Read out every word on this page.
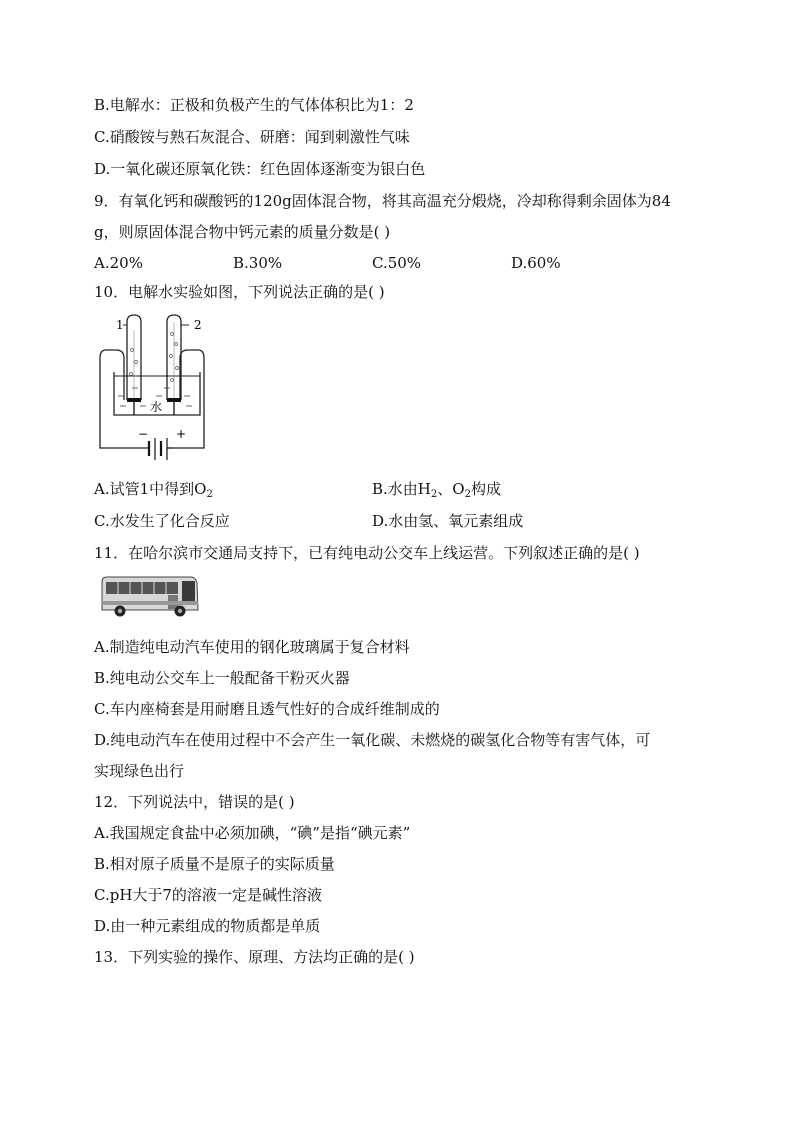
B.电解水：正极和负极产生的气体体积比为1：2
C.硝酸铵与熟石灰混合、研磨：闻到刺激性气味
D.一氧化碳还原氧化铁：红色固体逐渐变为银白色
9．有氧化钙和碳酸钙的120g固体混合物，将其高温充分煅烧，冷却称得剩余固体为84
g，则原固体混合物中钙元素的质量分数是( )
A.20%	B.30%	C.50%	D.60%
10．电解水实验如图，下列说法正确的是( )
1	2
水
− +
A.试管1中得到$O_2$	B.水由$H_2$、$O_2$构成
C.水发生了化合反应	D.水由氢、氧元素组成
11．在哈尔滨市交通局支持下，已有纯电动公交车上线运营。下列叙述正确的是( )
A.制造纯电动汽车使用的钢化玻璃属于复合材料
B.纯电动公交车上一般配备干粉灭火器
C.车内座椅套是用耐磨且透气性好的合成纤维制成的
D.纯电动汽车在使用过程中不会产生一氧化碳、未燃烧的碳氢化合物等有害气体，可
实现绿色出行
12．下列说法中，错误的是( )
A.我国规定食盐中必须加碘，“碘”是指“碘元素”
B.相对原子质量不是原子的实际质量
C.pH大于7的溶液一定是碱性溶液
D.由一种元素组成的物质都是单质
13．下列实验的操作、原理、方法均正确的是( )
